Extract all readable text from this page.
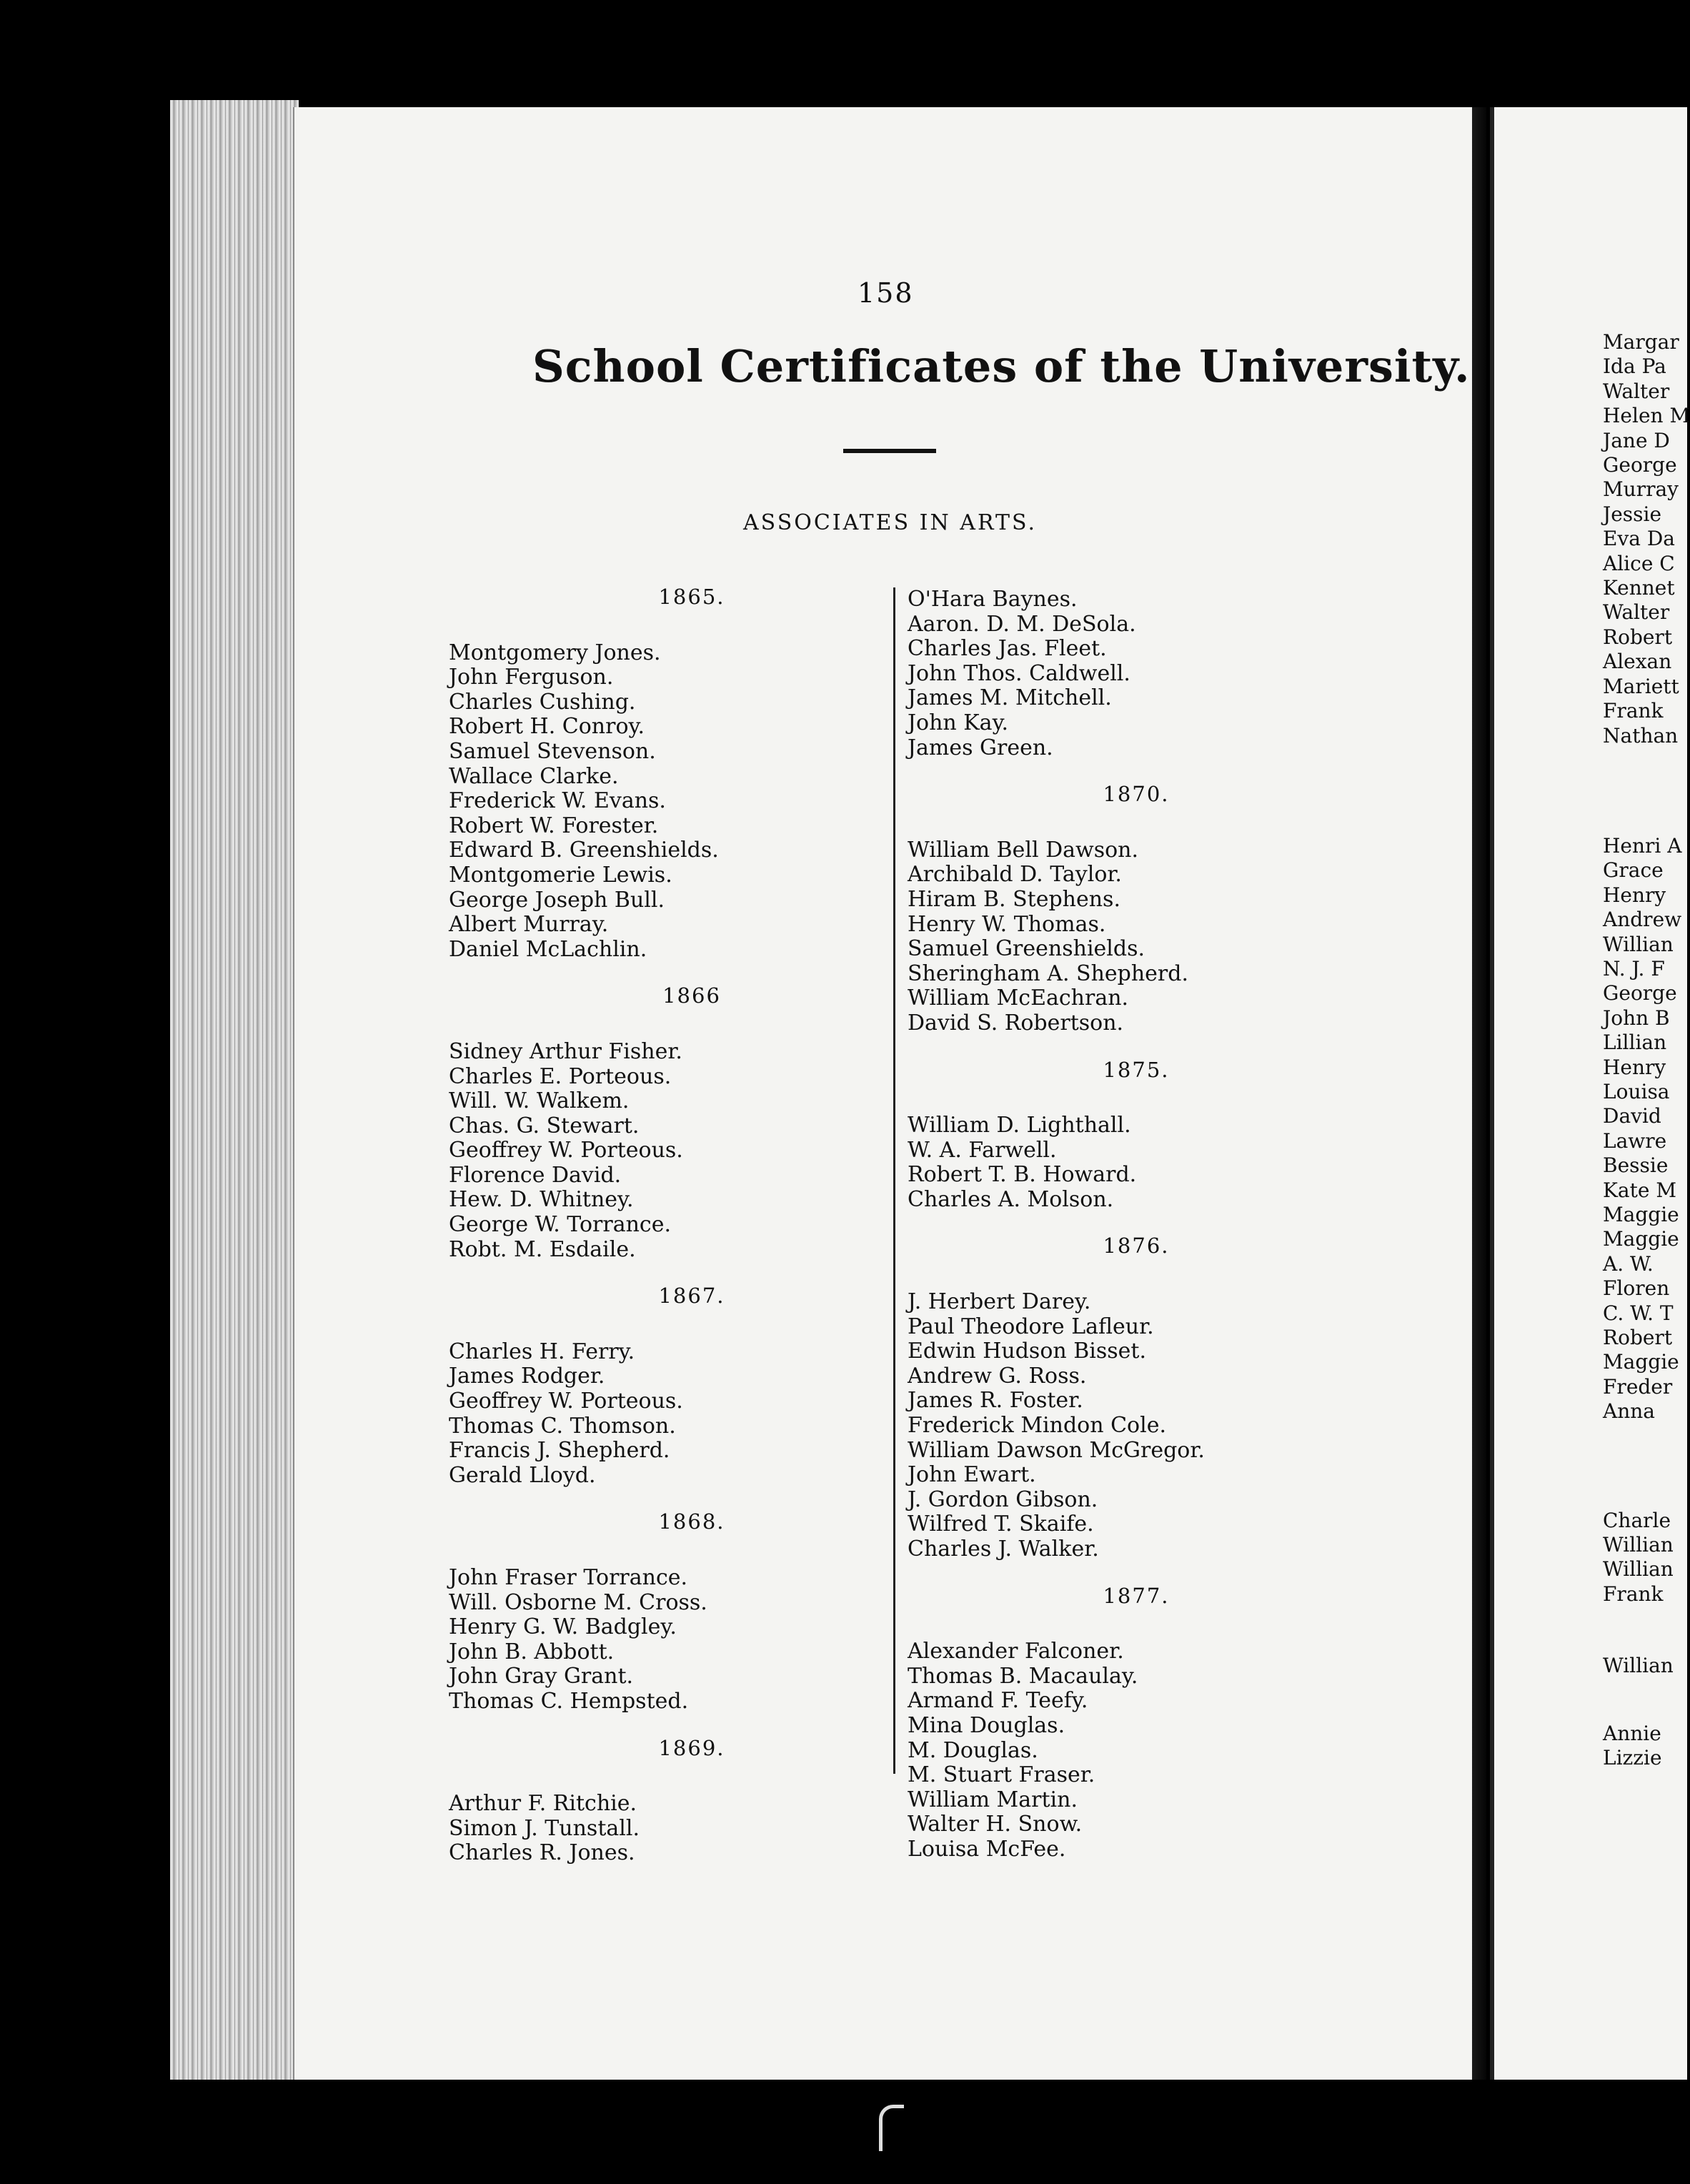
158
School Certificates of the University.
ASSOCIATES IN ARTS.
1865.
Montgomery Jones.
John Ferguson.
Charles Cushing.
Robert H. Conroy.
Samuel Stevenson.
Wallace Clarke.
Frederick W. Evans.
Robert W. Forester.
Edward B. Greenshields.
Montgomerie Lewis.
George Joseph Bull.
Albert Murray.
Daniel McLachlin.
1866
Sidney Arthur Fisher.
Charles E. Porteous.
Will. W. Walkem.
Chas. G. Stewart.
Geoffrey W. Porteous.
Florence David.
Hew. D. Whitney.
George W. Torrance.
Robt. M. Esdaile.
1867.
Charles H. Ferry.
James Rodger.
Geoffrey W. Porteous.
Thomas C. Thomson.
Francis J. Shepherd.
Gerald Lloyd.
1868.
John Fraser Torrance.
Will. Osborne M. Cross.
Henry G. W. Badgley.
John B. Abbott.
John Gray Grant.
Thomas C. Hempsted.
1869.
Arthur F. Ritchie.
Simon J. Tunstall.
Charles R. Jones.
O'Hara Baynes.
Aaron. D. M. DeSola.
Charles Jas. Fleet.
John Thos. Caldwell.
James M. Mitchell.
John Kay.
James Green.
1870.
William Bell Dawson.
Archibald D. Taylor.
Hiram B. Stephens.
Henry W. Thomas.
Samuel Greenshields.
Sheringham A. Shepherd.
William McEachran.
David S. Robertson.
1875.
William D. Lighthall.
W. A. Farwell.
Robert T. B. Howard.
Charles A. Molson.
1876.
J. Herbert Darey.
Paul Theodore Lafleur.
Edwin Hudson Bisset.
Andrew G. Ross.
James R. Foster.
Frederick Mindon Cole.
William Dawson McGregor.
John Ewart.
J. Gordon Gibson.
Wilfred T. Skaife.
Charles J. Walker.
1877.
Alexander Falconer.
Thomas B. Macaulay.
Armand F. Teefy.
Mina Douglas.
M. Douglas.
M. Stuart Fraser.
William Martin.
Walter H. Snow.
Louisa McFee.
Margar
Ida Pa
Walter
Helen M
Jane D
George
Murray
Jessie
Eva Da
Alice C
Kennet
Walter
Robert
Alexan
Mariett
Frank
Nathan
Henri A
Grace
Henry
Andrew
Willian
N. J. F
George
John B
Lillian
Henry
Louisa
David
Lawre
Bessie
Kate M
Maggie
Maggie
A. W.
Floren
C. W. T
Robert
Maggie
Freder
Anna
Charle
Willian
Willian
Frank
Willian
Annie
Lizzie
